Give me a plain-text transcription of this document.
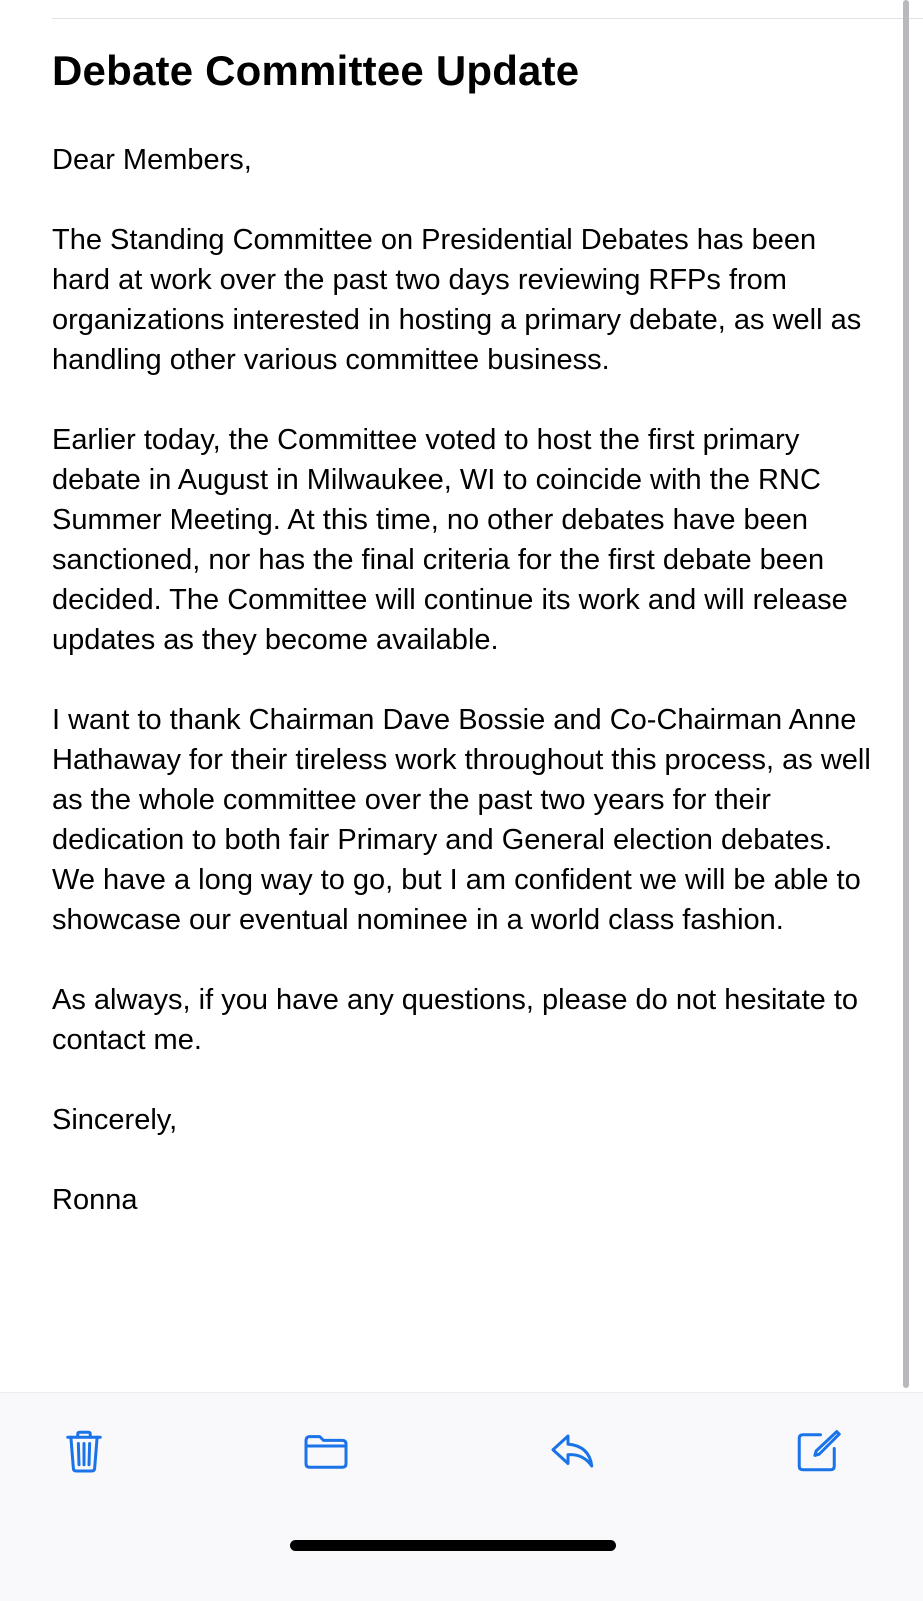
Debate Committee Update

Dear Members,

The Standing Committee on Presidential Debates has been hard at work over the past two days reviewing RFPs from organizations interested in hosting a primary debate, as well as handling other various committee business.

Earlier today, the Committee voted to host the first primary debate in August in Milwaukee, WI to coincide with the RNC Summer Meeting. At this time, no other debates have been sanctioned, nor has the final criteria for the first debate been decided. The Committee will continue its work and will release updates as they become available.

I want to thank Chairman Dave Bossie and Co-Chairman Anne Hathaway for their tireless work throughout this process, as well as the whole committee over the past two years for their dedication to both fair Primary and General election debates. We have a long way to go, but I am confident we will be able to showcase our eventual nominee in a world class fashion.

As always, if you have any questions, please do not hesitate to contact me.

Sincerely,

Ronna
